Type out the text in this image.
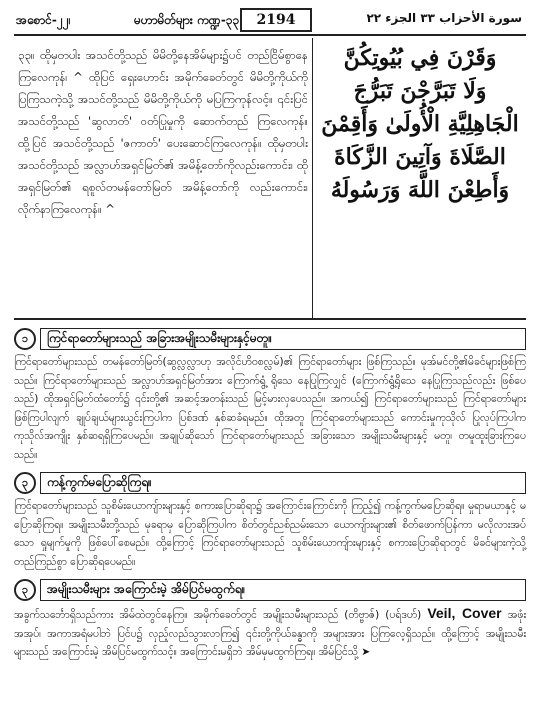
အစောင်-၂၂၊	မဟာမိတ်များ ကဏ္ဍ-၃၃	2194	سورة الأحزاب ٣٣ الجزء ٢٢
၃၃။ ထိုမှတပါး အသင်တို့သည် မိမိတို့နေအိမ်များ၌ပင် တည်ငြိမ်စွာနေကြလေကုန်၊ ^ ထိုပြင် ရှေးဟောင်း အမိုက်ခေတ်တွင် မိမိတို့ကိုယ်ကို ပြကြသကဲ့သို့ အသင်တို့သည် မိမိတို့ကိုယ်ကို မပြကြကုန်လင့်။ ၎င်းပြင် အသင်တို့သည် 'ဆွလာတ်' ဝတ်ပြုမှုကို ဆောက်တည် ကြလေကုန်။ ထို့ပြင် အသင်တို့သည် 'ဇကာတ်' ပေးဆောင်ကြလေကုန်။ ထိုမှတပါး အသင်တို့သည် အလ္လာဟ်အရှင်မြတ်၏ အမိန့်တော်ကိုလည်းကောင်း၊ ထိုအရှင်မြတ်၏ ရစူလ်တမန်တော်မြတ် အမိန့်တော်ကို လည်းကောင်း၊ လိုက်နာကြလေကုန်။ ^
وَقَرْنَ فِي بُيُوتِكُنَّ
وَلَا تَبَرَّجْنَ تَبَرُّجَ
الْجَاهِلِيَّةِ الْأُولَىٰ وَأَقِمْنَ
الصَّلَاةَ وَآتِينَ الزَّكَاةَ
وَأَطِعْنَ اللَّهَ وَرَسُولَهُ
၁	ကြင်ရာတော်များသည် အခြားအမျိုးသမီးများနှင့်မတူ။

ကြင်ရာတော်များသည် တမန်တော်မြတ်(ဆွလ္လလ္လာဟု အလိုင်ဟိဝစလ္လမ်)၏ ကြင်ရာတော်များ ဖြစ်ကြသည်။ မုအ်မင်တို့၏မိခင်များဖြစ်ကြသည်။ ကြင်ရာတော်များသည် အလ္လာဟ်အရှင်မြတ်အား ကြောက်ရွံ့ ရိုသေ နေပြုကြလျှင် (ကြောက်ရွံ့ရိုသေ နေပြုကြသည်လည်း ဖြစ်ပေသည်) ထိုအရှင်မြတ်ထံတော်၌ ၎င်းတို့၏ အဆင့်အတန်းသည် မြင့်မားလှပေသည်။ အကယ်၍ ကြင်ရာတော်များသည် ကြင်ရာတော်များ ဖြစ်ကြပါလျက် ချုပ်ချယ်များယွင်းကြပါက ပြစ်ဒဏ် နှစ်ဆခံရမည်။ ထိုအတူ ကြင်ရာတော်များသည် ကောင်းမှုကုသိုလ် ပြုလုပ်ကြပါက ကုသိုလ်အကျိုး နှစ်ဆရရှိကြပေမည်။ အချုပ်ဆိုသော် ကြင်ရာတော်များသည် အခြားသော အမျိုးသမီးများနှင့် မတူ၊ တမူထူးခြားကြပေသည်။

၃	ကန့်ကွက်မပြောဆိုကြရ။

ကြင်ရာတော်များသည် သူစိမ်းယောကျ်ားများနှင့် စကားပြောဆိုရာ၌ အကြောင်းကြောင်းကို ကြည့်၍ ကန့်ကွက်မပြောဆိုရ။ မှုရာမယာနှင့် မပြောဆိုကြရ။ အမျိုးသမီးတို့သည် မုခရာမှ ပြောဆိုကြပါက စိတ်တွင်ညစ်ညမ်းသော ယောကျ်ားများ၏ စိတ်ဖောက်ပြန်ကာ မလိုလားအပ်သော ရှုမျက်မှုကို ဖြစ်ပေါ်စေမည်။ ထို့ကြောင့် ကြင်ရာတော်များသည် သူစိမ်းယောကျ်ားများနှင့် စကားပြောဆိုရာတွင် မိခင်များကဲ့သို့ တည်ကြည်စွာ ပြောဆိုရပေမည်။

၃	အမျိုးသမီးများ အကြောင်းမဲ့ အိမ်ပြင်မထွက်ရ။

အခွက်သင်္ဘောရှိသည်ကား အိမ်ထဲတွင်နေကြ။ အမိုက်ခေတ်တွင် အမျိုးသမီးများသည် (တိဗ္ဗာဇ်) (ပရ်ဒဟ်) Veil, Cover အဖုံးအအုပ်၊ အကာအရံမပါဘဲ ပြင်ပ၌ လှည့်လည်သွားလာကြ၍ ၎င်းတို့ကိုယ်ခန္ဓာကို အများအား ပြကြလေ့ရှိသည်။ ထို့ကြောင့် အမျိုးသမီးများသည် အကြောင်းမဲ့ အိမ်ပြင်မထွက်သင့်။ အကြောင်းမရှိဘဲ အိမ်မှမထွက်ကြရ။ အိမ်ပြင်သို့ ➤
